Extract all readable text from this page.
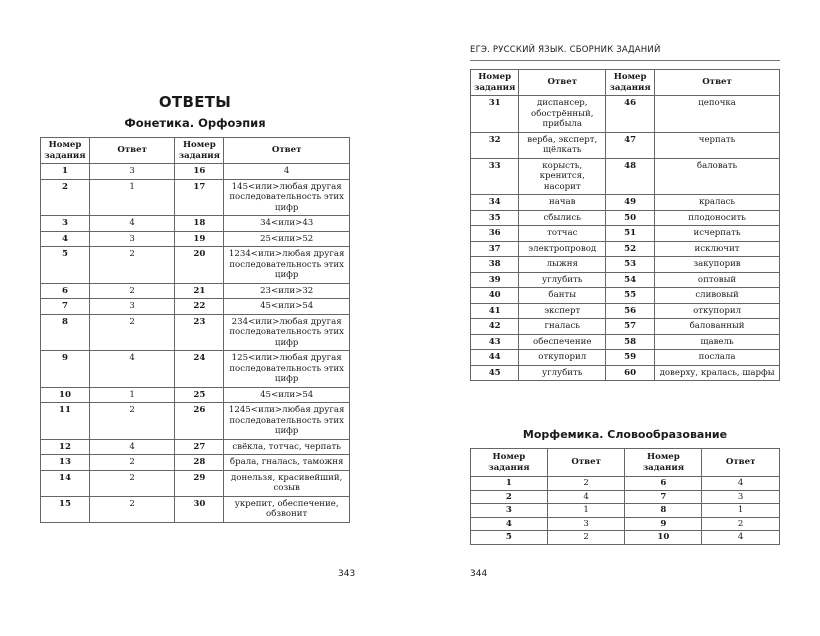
ОТВЕТЫ
Фонетика. Орфоэпия
Номер задания	Ответ	Номер задания	Ответ
1	3	16	4
2	1	17	145<или>любая другая последовательность этих цифр
3	4	18	34<или>43
4	3	19	25<или>52
5	2	20	1234<или>любая другая последовательность этих цифр
6	2	21	23<или>32
7	3	22	45<или>54
8	2	23	234<или>любая другая последовательность этих цифр
9	4	24	125<или>любая другая последовательность этих цифр
10	1	25	45<или>54
11	2	26	1245<или>любая другая последовательность этих цифр
12	4	27	свёкла, тотчас, черпать
13	2	28	брала, гналась, таможня
14	2	29	донельзя, красивейший, созыв
15	2	30	укрепит, обеспечение, обзвонит
343
ЕГЭ. РУССКИЙ ЯЗЫК. СБОРНИК ЗАДАНИЙ
Номер задания	Ответ	Номер задания	Ответ
31	диспансер, обострённый, прибыла	46	цепочка
32	верба, эксперт, щёлкать	47	черпать
33	корысть, кренится, насорит	48	баловать
34	начав	49	кралась
35	сбылись	50	плодоносить
36	тотчас	51	исчерпать
37	электропровод	52	исключит
38	лыжня	53	закупорив
39	углубить	54	оптовый
40	банты	55	сливовый
41	эксперт	56	откупорил
42	гналась	57	балованный
43	обеспечение	58	щавель
44	откупорил	59	послала
45	углубить	60	доверху, кралась, шарфы
Морфемика. Словообразование
Номер задания	Ответ	Номер задания	Ответ
1	2	6	4
2	4	7	3
3	1	8	1
4	3	9	2
5	2	10	4
344
